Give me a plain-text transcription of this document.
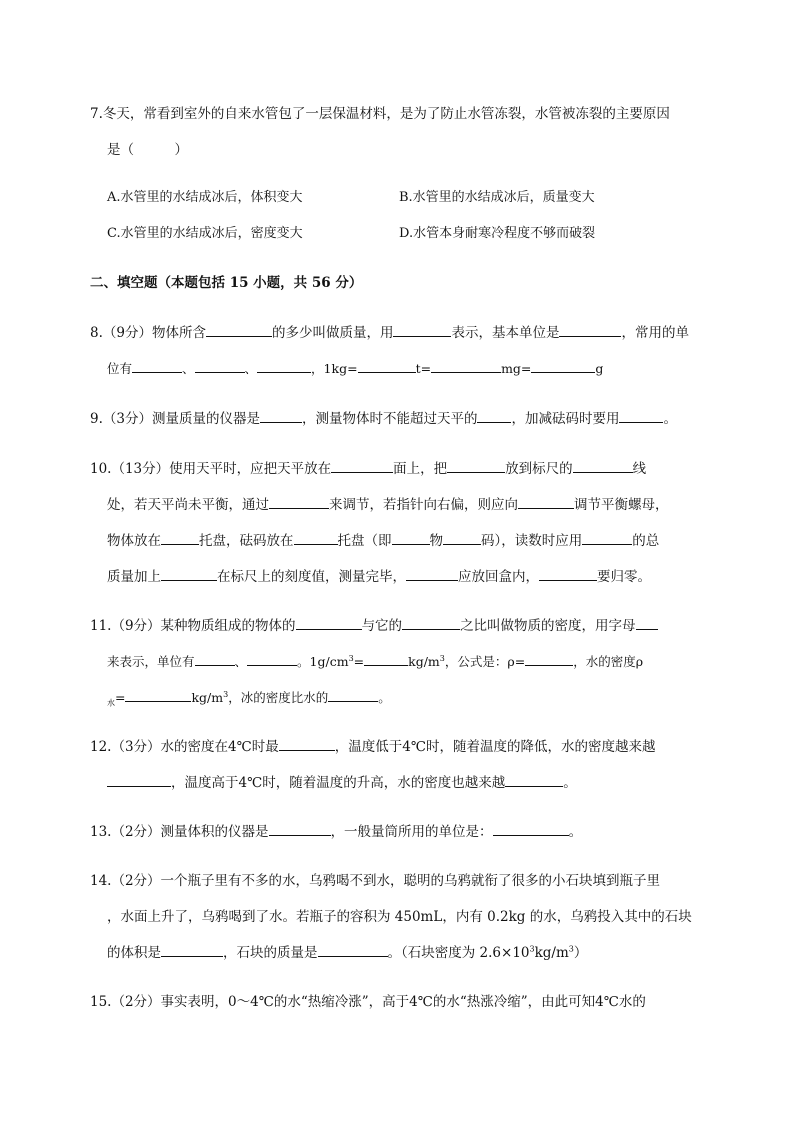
7.冬天，常看到室外的自来水管包了一层保温材料，是为了防止水管冻裂，水管被冻裂的主要原因
是（　　　）
A.水管里的水结成冰后，体积变大	B.水管里的水结成冰后，质量变大
C.水管里的水结成冰后，密度变大	D.水管本身耐寒冷程度不够而破裂
二、填空题（本题包括 15 小题，共 56 分）
8.（9分）物体所含	的多少叫做质量，用	表示，基本单位是	，常用的单
位有	、	、	，1kg=	t=	mg=	g
9.（3分）测量质量的仪器是	，测量物体时不能超过天平的	，加减砝码时要用	。
10.（13分）使用天平时，应把天平放在	面上，把	放到标尺的	线
处，若天平尚未平衡，通过	来调节，若指针向右偏，则应向	调节平衡螺母，
物体放在	托盘，砝码放在	托盘（即	物	码），读数时应用	的总
质量加上	在标尺上的刻度值，测量完毕，	应放回盒内，	要归零。
11.（9分）某种物质组成的物体的	与它的	之比叫做物质的密度，用字母
来表示，单位有	、	。$1g/cm^3=$	$kg/m^3$，公式是：ρ=	，水的密度ρ
$_水$=	$kg/m^3$，冰的密度比水的	。
12.（3分）水的密度在4℃时最	，温度低于4℃时，随着温度的降低，水的密度越来越
，温度高于4℃时，随着温度的升高，水的密度也越来越	。
13.（2分）测量体积的仪器是	，一般量筒所用的单位是：	。
14.（2分）一个瓶子里有不多的水，乌鸦喝不到水，聪明的乌鸦就衔了很多的小石块填到瓶子里
，水面上升了，乌鸦喝到了水。若瓶子的容积为 450mL，内有 0.2kg 的水，乌鸦投入其中的石块
的体积是	，石块的质量是	。（石块密度为 $2.6\times 10^3kg/m^3$）
15.（2分）事实表明，0～4℃的水“热缩冷涨”，高于4℃的水“热涨冷缩”，由此可知4℃水的
